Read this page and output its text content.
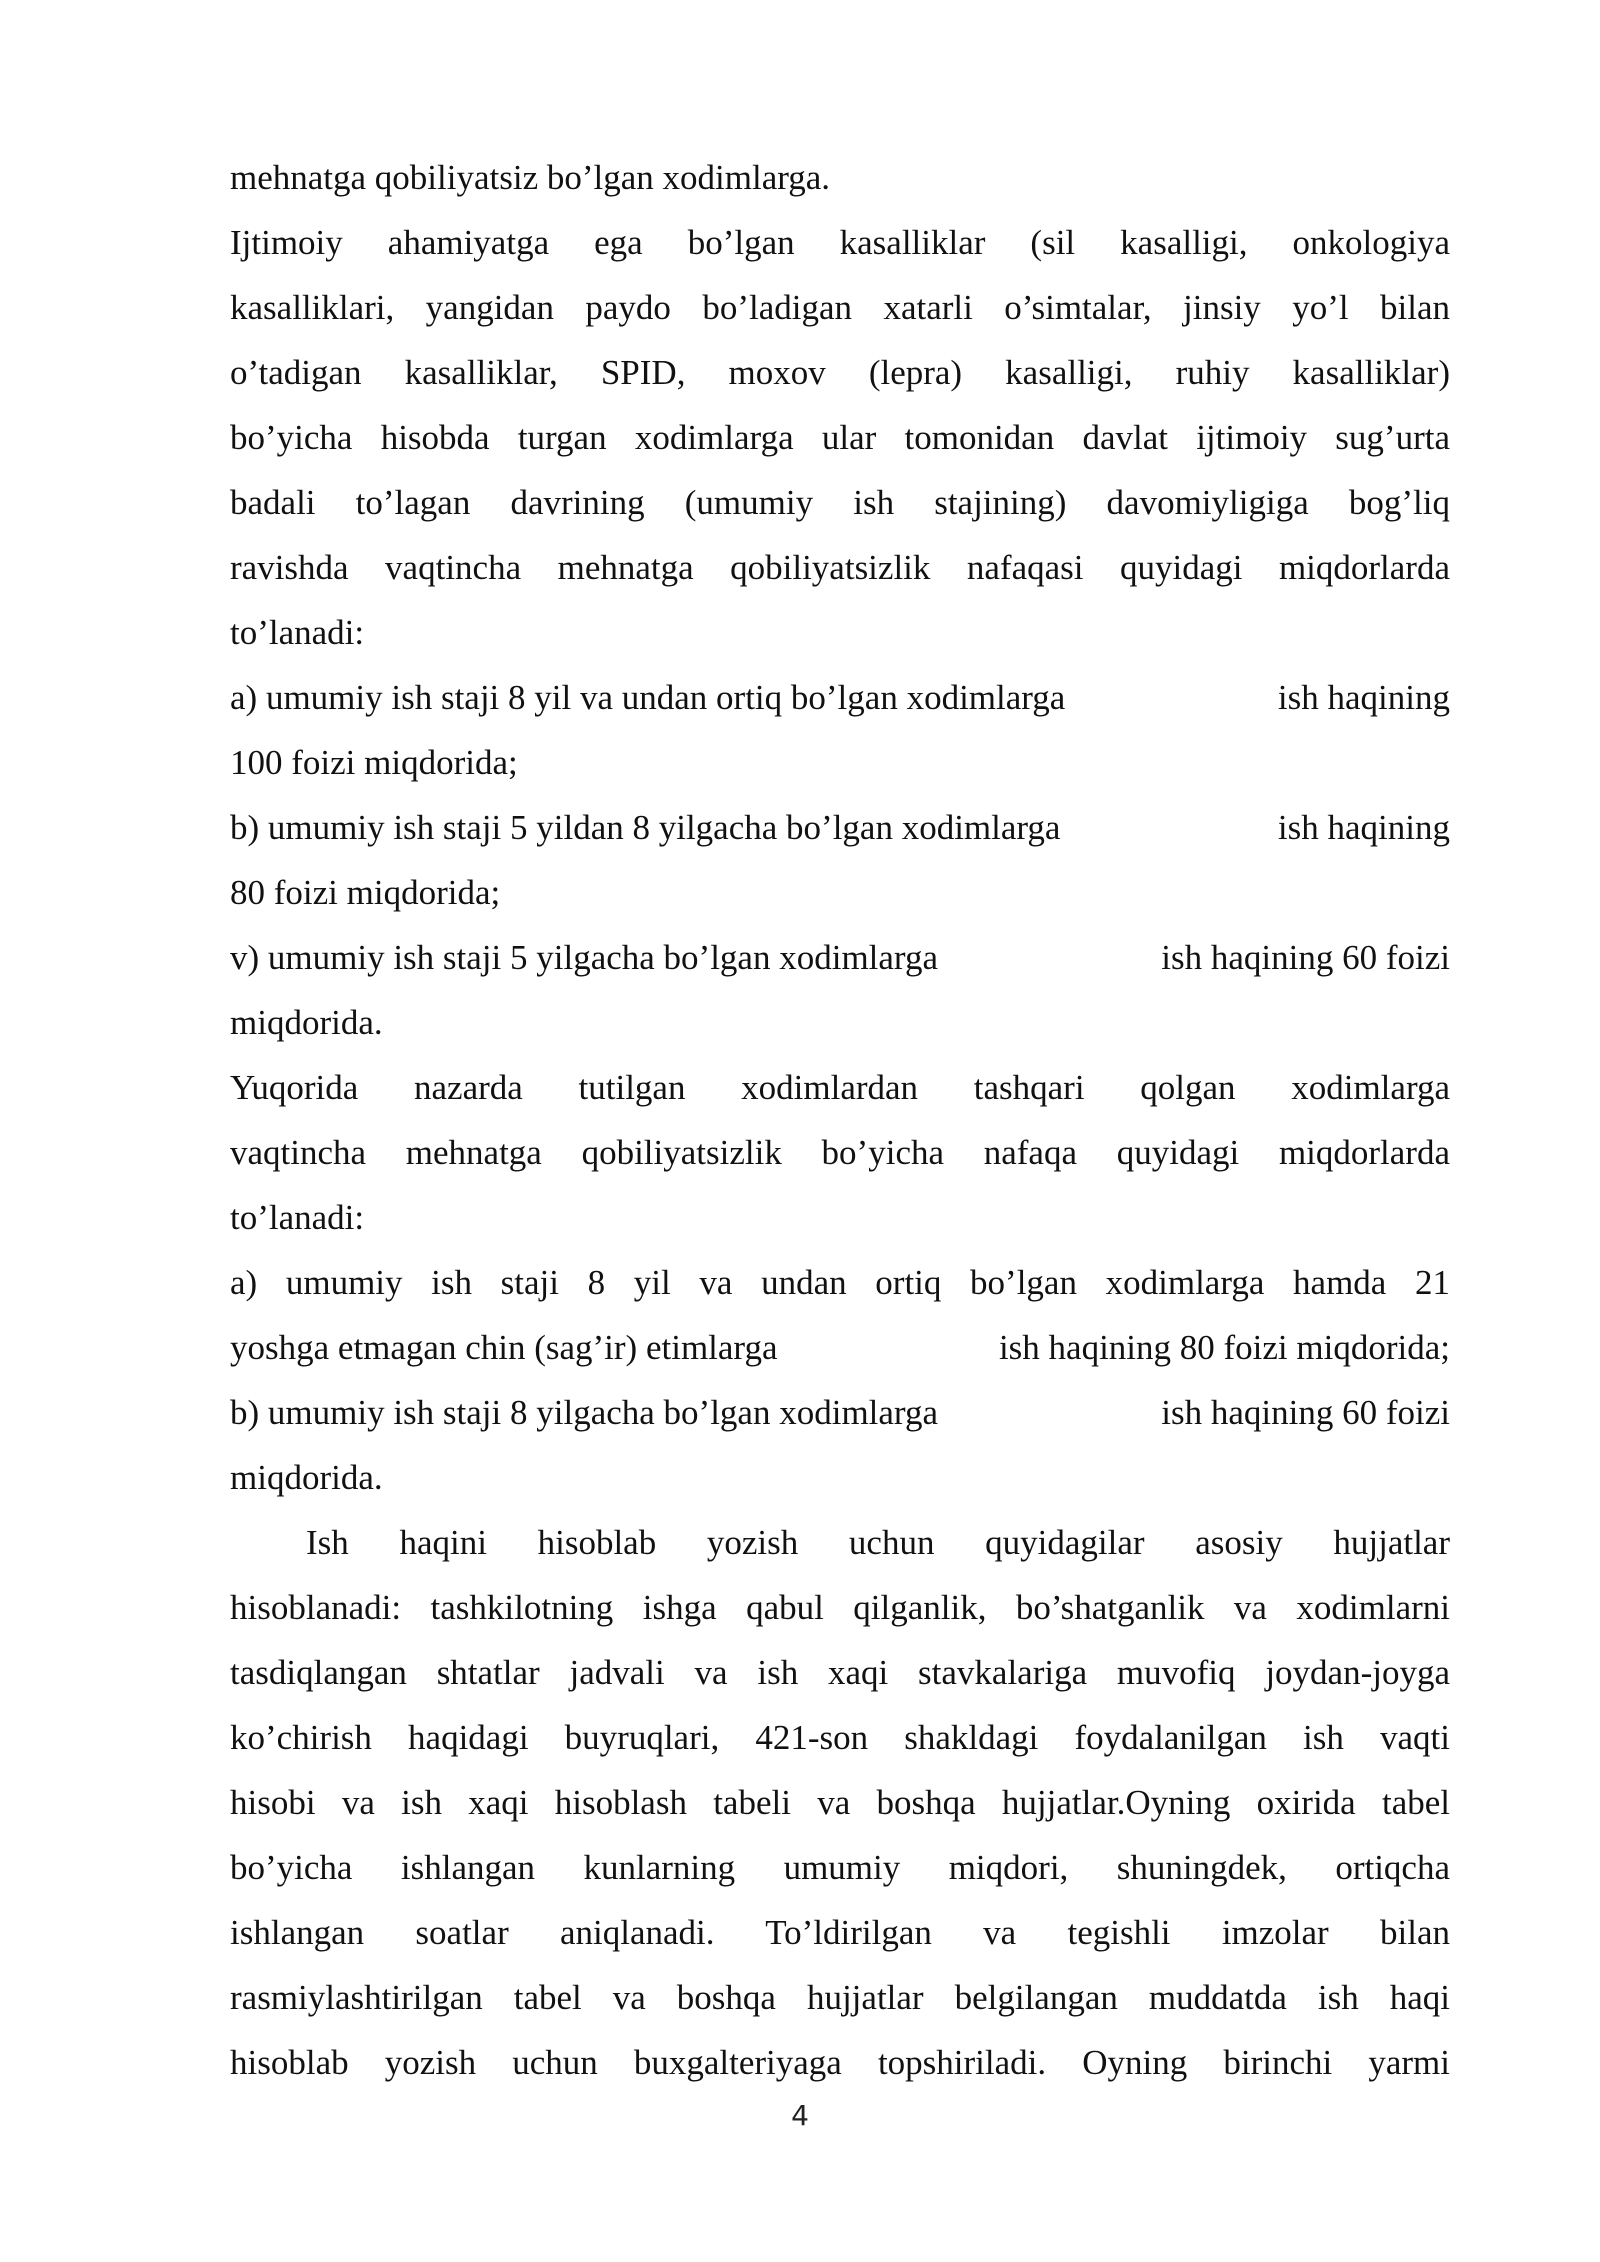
mehnatga qobiliyatsiz bo’lgan xodimlarga.
Ijtimoiy ahamiyatga ega bo’lgan kasalliklar (sil kasalligi, onkologiya
kasalliklari, yangidan paydo bo’ladigan xatarli o’simtalar, jinsiy yo’l bilan
o’tadigan kasalliklar, SPID, moxov (lepra) kasalligi, ruhiy kasalliklar)
bo’yicha hisobda turgan xodimlarga ular tomonidan davlat ijtimoiy sug’urta
badali to’lagan davrining (umumiy ish stajining) davomiyligiga bog’liq
ravishda vaqtincha mehnatga qobiliyatsizlik nafaqasi quyidagi miqdorlarda
to’lanadi:
a) umumiy ish staji 8 yil va undan ortiq bo’lgan xodimlarga	ish haqining
100 foizi miqdorida;
b) umumiy ish staji 5 yildan 8 yilgacha bo’lgan xodimlarga	ish haqining
80 foizi miqdorida;
v) umumiy ish staji 5 yilgacha bo’lgan xodimlarga	ish haqining 60 foizi
miqdorida.
Yuqorida nazarda tutilgan xodimlardan tashqari qolgan xodimlarga
vaqtincha mehnatga qobiliyatsizlik bo’yicha nafaqa quyidagi miqdorlarda
to’lanadi:
a) umumiy ish staji 8 yil va undan ortiq bo’lgan xodimlarga hamda 21
yoshga etmagan chin (sag’ir) etimlarga	ish haqining 80 foizi miqdorida;
b) umumiy ish staji 8 yilgacha bo’lgan xodimlarga	ish haqining 60 foizi
miqdorida.
Ish haqini hisoblab yozish uchun quyidagilar asosiy hujjatlar
hisoblanadi: tashkilotning ishga qabul qilganlik, bo’shatganlik va xodimlarni
tasdiqlangan shtatlar jadvali va ish xaqi stavkalariga muvofiq joydan-joyga
ko’chirish haqidagi buyruqlari, 421-son shakldagi foydalanilgan ish vaqti
hisobi va ish xaqi hisoblash tabeli va boshqa hujjatlar.Oyning oxirida tabel
bo’yicha ishlangan kunlarning umumiy miqdori, shuningdek, ortiqcha
ishlangan soatlar aniqlanadi. To’ldirilgan va tegishli imzolar bilan
rasmiylashtirilgan tabel va boshqa hujjatlar belgilangan muddatda ish haqi
hisoblab yozish uchun buxgalteriyaga topshiriladi. Oyning birinchi yarmi
4
